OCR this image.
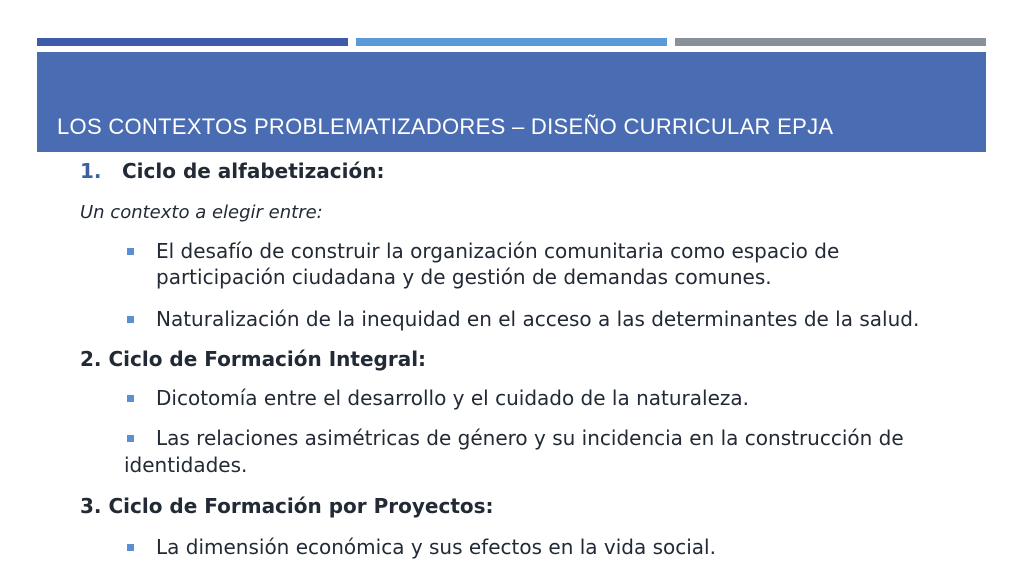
LOS CONTEXTOS PROBLEMATIZADORES – DISEÑO CURRICULAR EPJA
1. Ciclo de alfabetización:
Un contexto a elegir entre:
El desafío de construir la organización comunitaria como espacio de
participación ciudadana y de gestión de demandas comunes.
Naturalización de la inequidad en el acceso a las determinantes de la salud.
2. Ciclo de Formación Integral:
Dicotomía entre el desarrollo y el cuidado de la naturaleza.
Las relaciones asimétricas de género y su incidencia en la construcción de
identidades.
3. Ciclo de Formación por Proyectos:
La dimensión económica y sus efectos en la vida social.
